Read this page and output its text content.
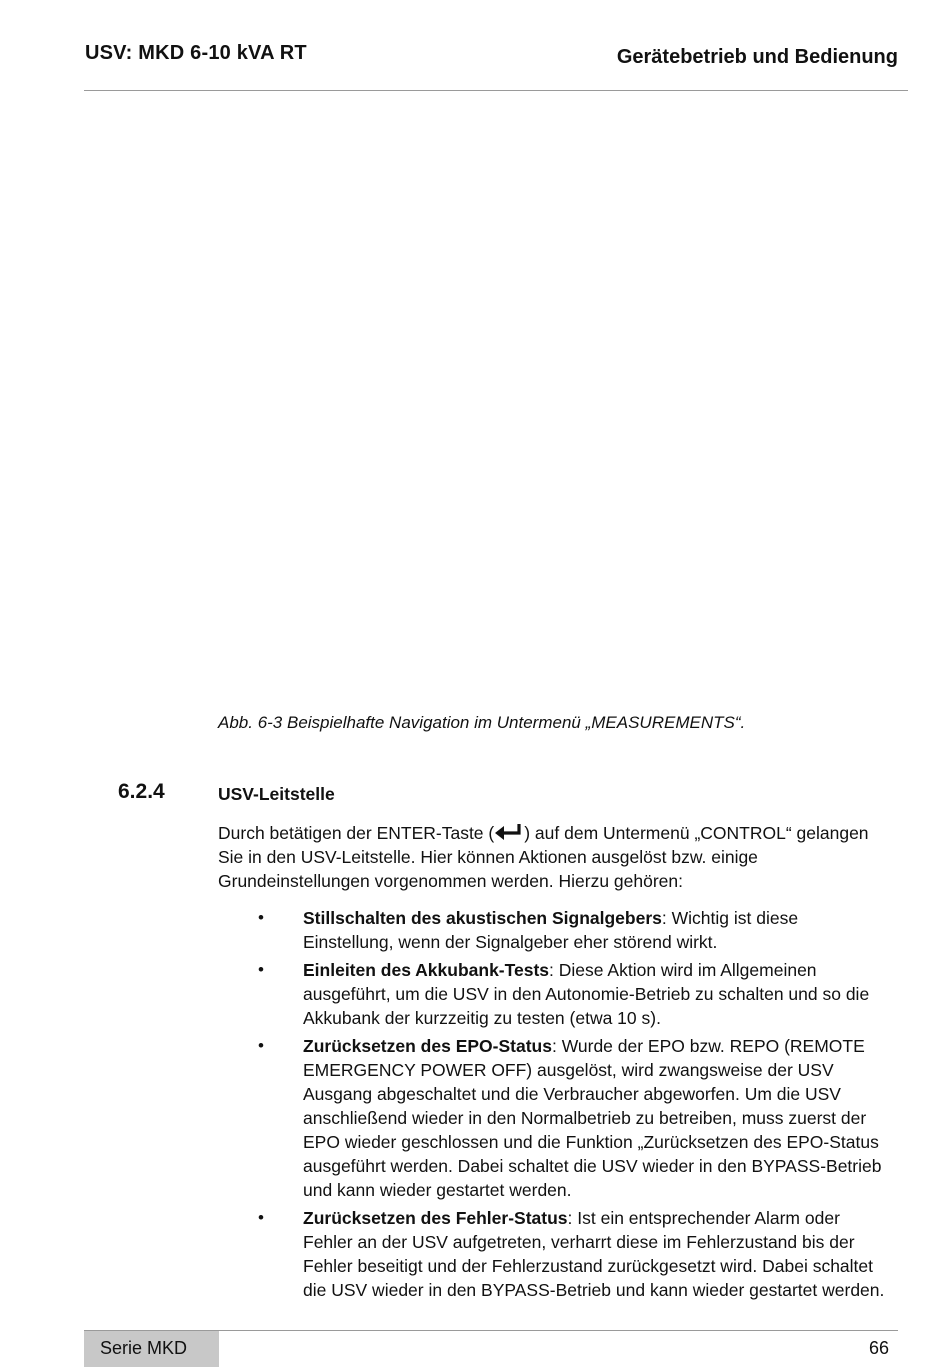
USV: MKD 6-10 kVA RT	Gerätebetrieb und Bedienung
Abb. 6-3 Beispielhafte Navigation im Untermenü „MEASUREMENTS“.
6.2.4	USV-Leitstelle

Durch betätigen der ENTER-Taste ( ) auf dem Untermenü „CONTROL“ gelangen Sie in den USV-Leitstelle. Hier können Aktionen ausgelöst bzw. einige Grundeinstellungen vorgenommen werden. Hierzu gehören:

• Stillschalten des akustischen Signalgebers: Wichtig ist diese Einstellung, wenn der Signalgeber eher störend wirkt.
• Einleiten des Akkubank-Tests: Diese Aktion wird im Allgemeinen ausgeführt, um die USV in den Autonomie-Betrieb zu schalten und so die Akkubank der kurzzeitig zu testen (etwa 10 s).
• Zurücksetzen des EPO-Status: Wurde der EPO bzw. REPO (REMOTE EMERGENCY POWER OFF) ausgelöst, wird zwangsweise der USV Ausgang abgeschaltet und die Verbraucher abgeworfen. Um die USV anschließend wieder in den Normalbetrieb zu betreiben, muss zuerst der EPO wieder geschlossen und die Funktion „Zurücksetzen des EPO-Status ausgeführt werden. Dabei schaltet die USV wieder in den BYPASS-Betrieb und kann wieder gestartet werden.
• Zurücksetzen des Fehler-Status: Ist ein entsprechender Alarm oder Fehler an der USV aufgetreten, verharrt diese im Fehlerzustand bis der Fehler beseitigt und der Fehlerzustand zurückgesetzt wird. Dabei schaltet die USV wieder in den BYPASS-Betrieb und kann wieder gestartet werden.
Serie MKD	66
